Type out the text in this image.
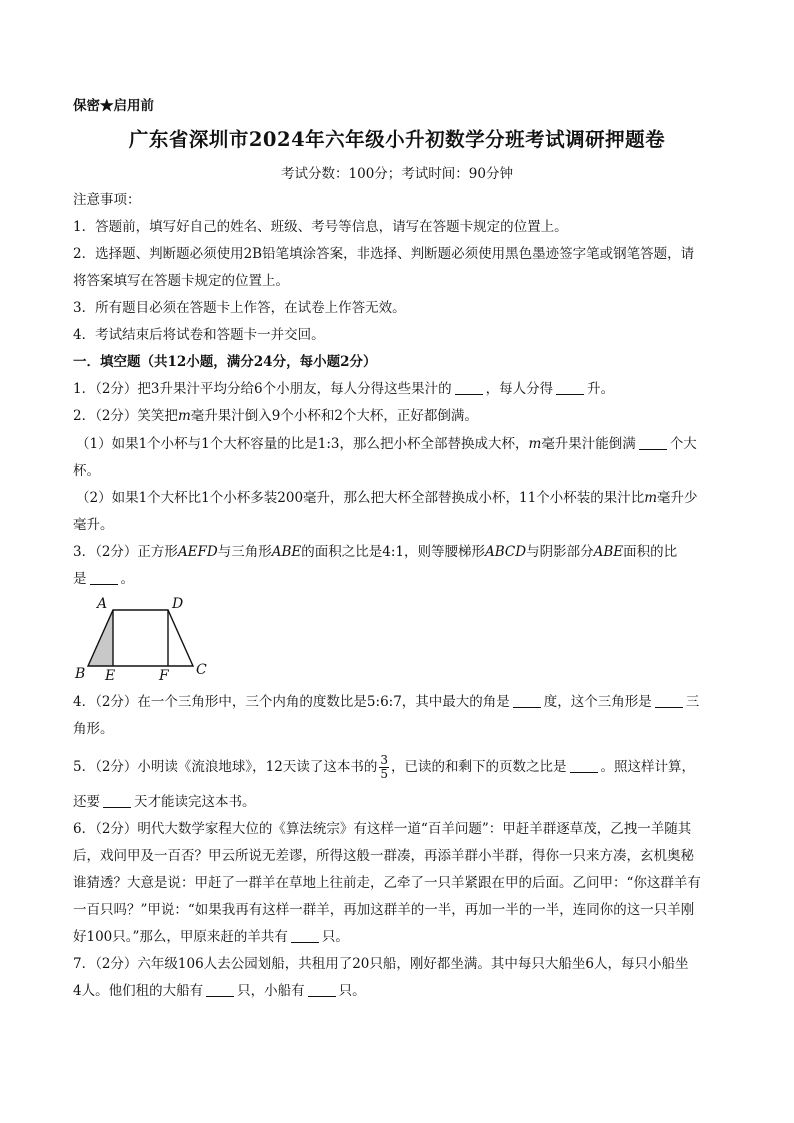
保密★启用前
广东省深圳市2024年六年级小升初数学分班考试调研押题卷
考试分数：100分；考试时间：90分钟
注意事项：
1．答题前，填写好自己的姓名、班级、考号等信息，请写在答题卡规定的位置上。
2．选择题、判断题必须使用2B铅笔填涂答案，非选择、判断题必须使用黑色墨迹签字笔或钢笔答题，请
将答案填写在答题卡规定的位置上。
3．所有题目必须在答题卡上作答，在试卷上作答无效。
4．考试结束后将试卷和答题卡一并交回。
一．填空题（共12小题，满分24分，每小题2分）
1．（2分）把3升果汁平均分给6个小朋友，每人分得这些果汁的	，每人分得	升。
2．（2分）笑笑把m毫升果汁倒入9个小杯和2个大杯，正好都倒满。
（1）如果1个小杯与1个大杯容量的比是1:3，那么把小杯全部替换成大杯，m毫升果汁能倒满	个大
杯。
（2）如果1个大杯比1个小杯多装200毫升，那么把大杯全部替换成小杯，11个小杯装的果汁比m毫升少
毫升。
3．（2分）正方形AEFD与三角形ABE的面积之比是4:1，则等腰梯形ABCD与阴影部分ABE面积的比
是	。
A	D
B E	F C
4．（2分）在一个三角形中，三个内角的度数比是5:6:7，其中最大的角是	度，这个三角形是	三
角形。
5．（2分）小明读《流浪地球》，12天读了这本书的 $\frac{3}{5}$ ，已读的和剩下的页数之比是	。照这样计算，
还要	天才能读完这本书。
6．（2分）明代大数学家程大位的《算法统宗》有这样一道“百羊问题”：甲赶羊群逐草茂，乙拽一羊随其
后，戏问甲及一百否？甲云所说无差谬，所得这般一群凑，再添羊群小半群，得你一只来方凑，玄机奥秘
谁猜透？大意是说：甲赶了一群羊在草地上往前走，乙牵了一只羊紧跟在甲的后面。乙问甲：“你这群羊有
一百只吗？”甲说：“如果我再有这样一群羊，再加这群羊的一半，再加一半的一半，连同你的这一只羊刚
好100只。”那么，甲原来赶的羊共有	只。
7．（2分）六年级106人去公园划船，共租用了20只船，刚好都坐满。其中每只大船坐6人，每只小船坐
4人。他们租的大船有	只，小船有	只。
